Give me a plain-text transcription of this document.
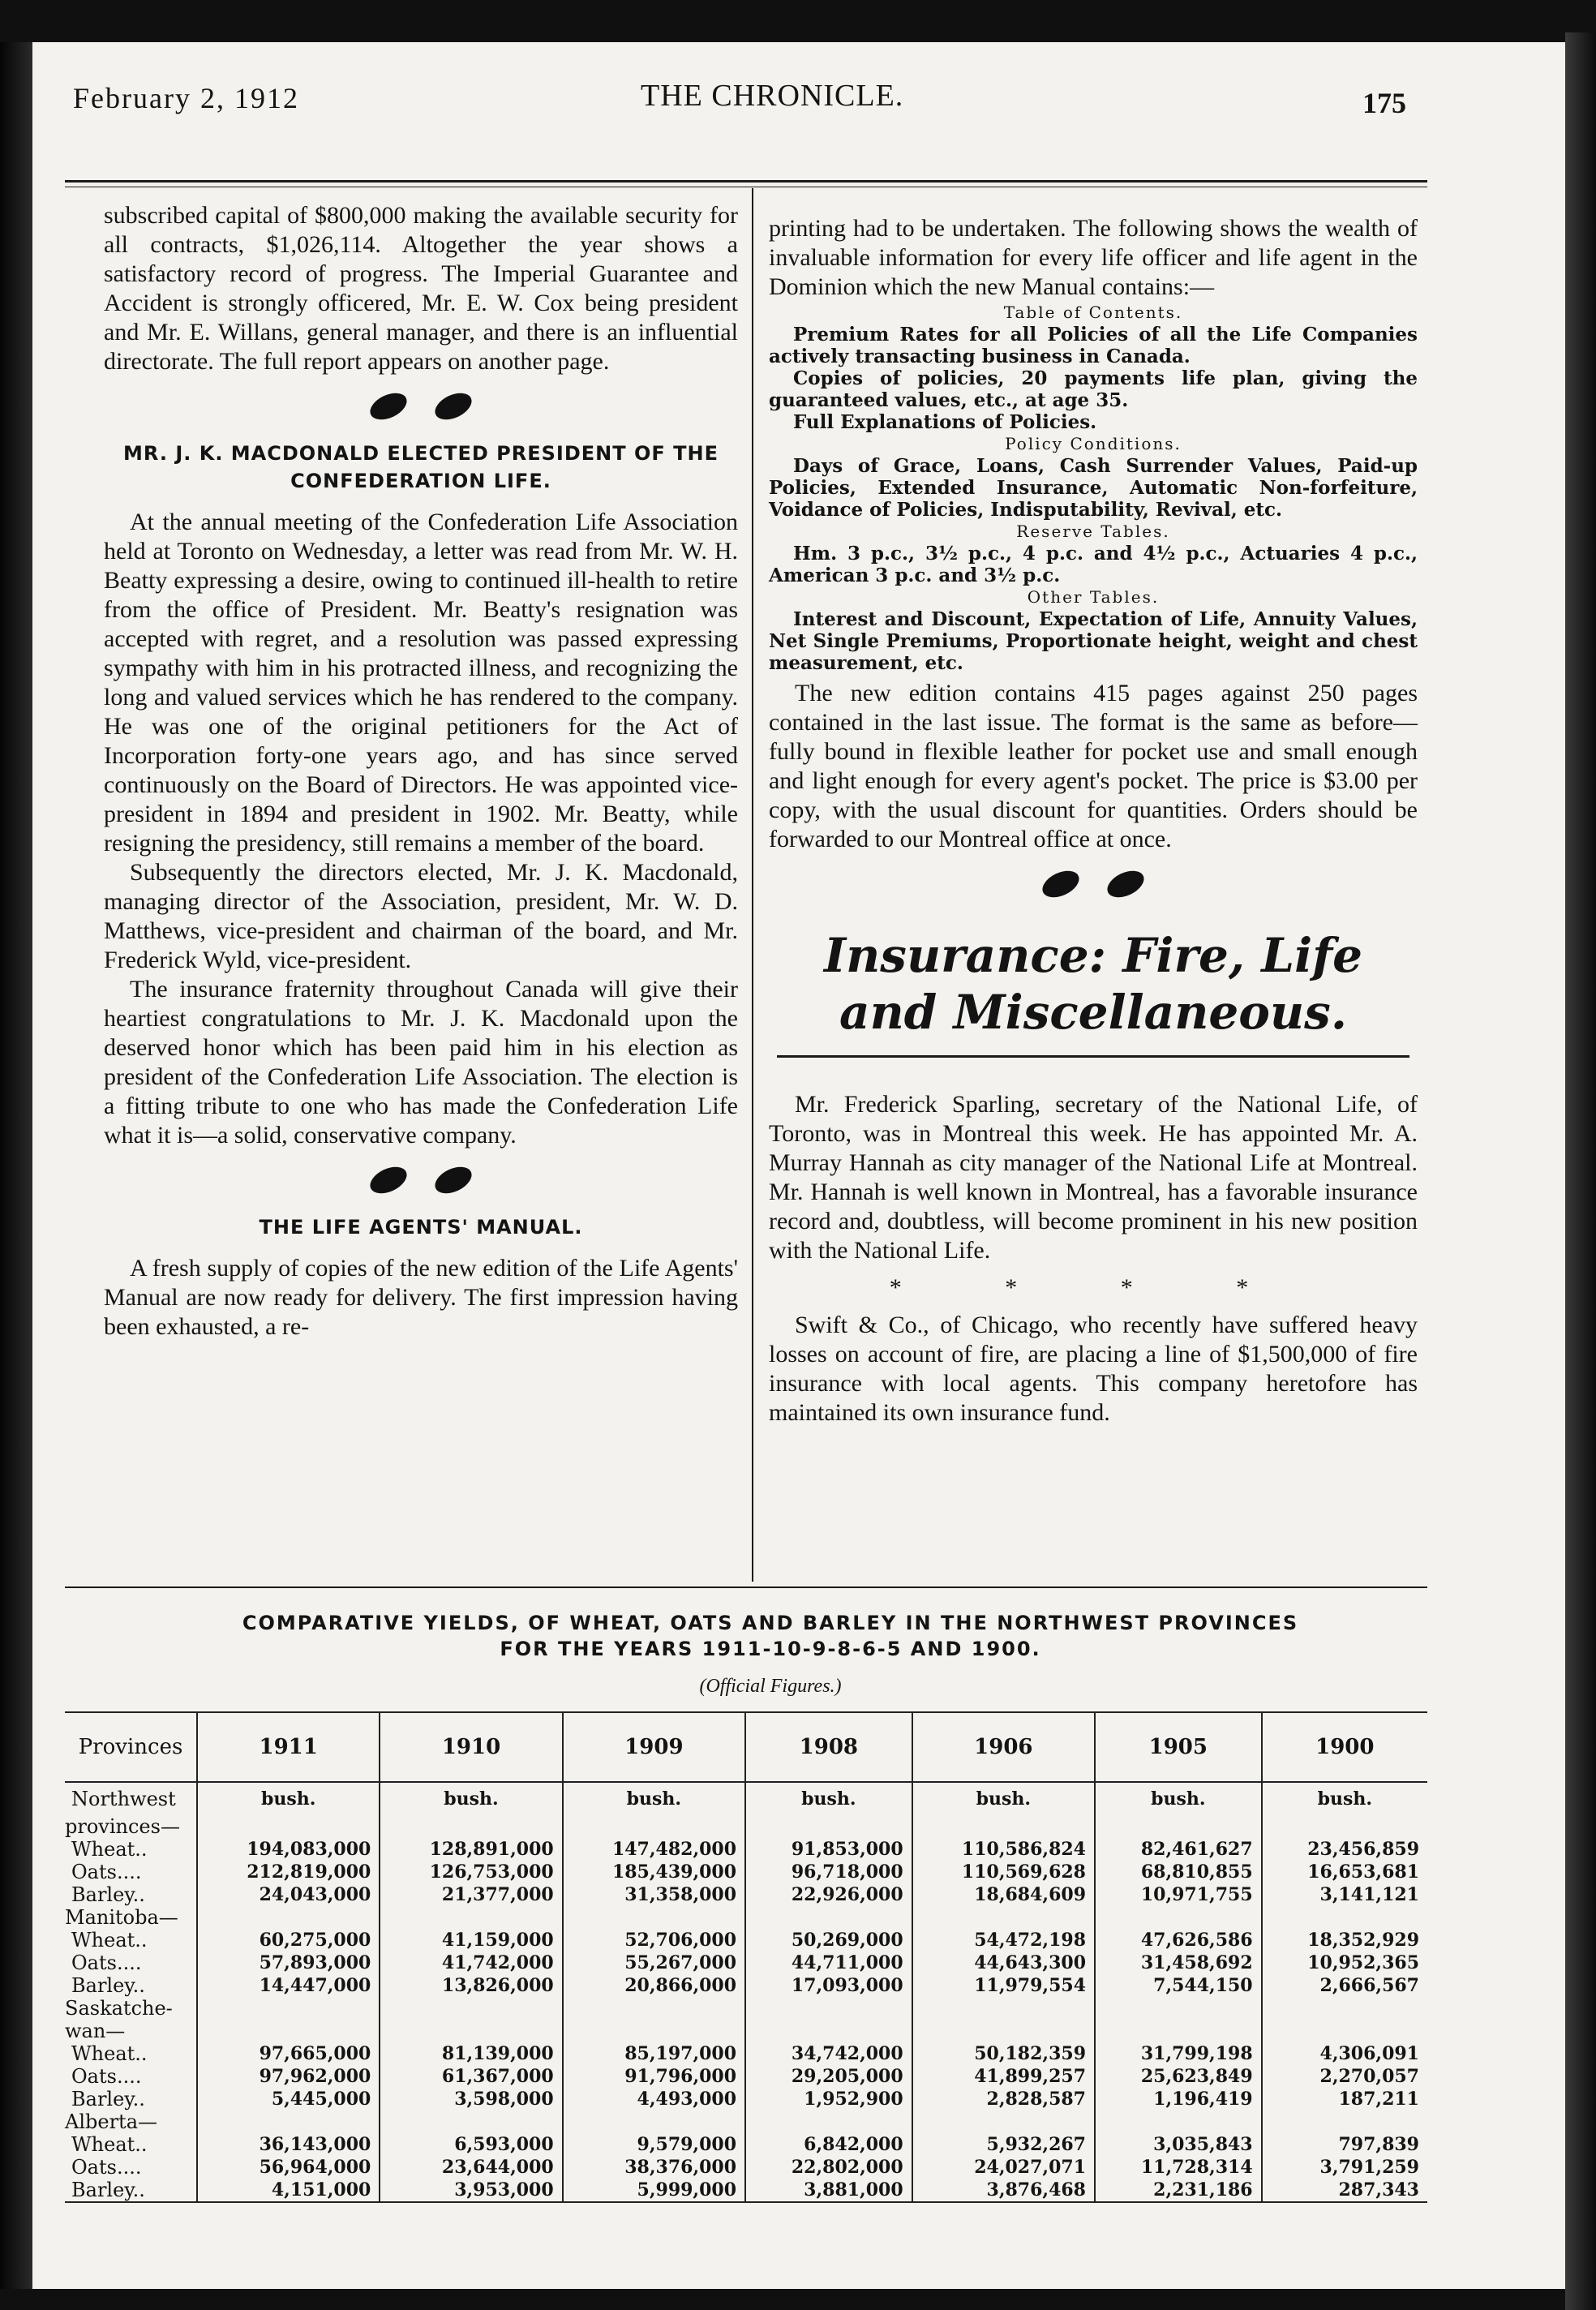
February 2, 1912	THE CHRONICLE.	175

subscribed capital of $800,000 making the available security for all contracts, $1,026,114. Altogether the year shows a satisfactory record of progress. The Imperial Guarantee and Accident is strongly officered, Mr. E. W. Cox being president and Mr. E. Willans, general manager, and there is an influential directorate. The full report appears on another page.

MR. J. K. MACDONALD ELECTED PRESIDENT OF THE CONFEDERATION LIFE.

At the annual meeting of the Confederation Life Association held at Toronto on Wednesday, a letter was read from Mr. W. H. Beatty expressing a desire, owing to continued ill-health to retire from the office of President. Mr. Beatty's resignation was accepted with regret, and a resolution was passed expressing sympathy with him in his protracted illness, and recognizing the long and valued services which he has rendered to the company. He was one of the original petitioners for the Act of Incorporation forty-one years ago, and has since served continuously on the Board of Directors. He was appointed vice-president in 1894 and president in 1902. Mr. Beatty, while resigning the presidency, still remains a member of the board.

Subsequently the directors elected, Mr. J. K. Macdonald, managing director of the Association, president, Mr. W. D. Matthews, vice-president and chairman of the board, and Mr. Frederick Wyld, vice-president.

The insurance fraternity throughout Canada will give their heartiest congratulations to Mr. J. K. Macdonald upon the deserved honor which has been paid him in his election as president of the Confederation Life Association. The election is a fitting tribute to one who has made the Confederation Life what it is—a solid, conservative company.

THE LIFE AGENTS' MANUAL.

A fresh supply of copies of the new edition of the Life Agents' Manual are now ready for delivery. The first impression having been exhausted, a re-

printing had to be undertaken. The following shows the wealth of invaluable information for every life officer and life agent in the Dominion which the new Manual contains:—

Table of Contents.
Premium Rates for all Policies of all the Life Companies actively transacting business in Canada.
Copies of policies, 20 payments life plan, giving the guaranteed values, etc., at age 35.
Full Explanations of Policies.
Policy Conditions.
Days of Grace, Loans, Cash Surrender Values, Paid-up Policies, Extended Insurance, Automatic Non-forfeiture, Voidance of Policies, Indisputability, Revival, etc.
Reserve Tables.
Hm. 3 p.c., 3½ p.c., 4 p.c. and 4½ p.c., Actuaries 4 p.c., American 3 p.c. and 3½ p.c.
Other Tables.
Interest and Discount, Expectation of Life, Annuity Values, Net Single Premiums, Proportionate height, weight and chest measurement, etc.

The new edition contains 415 pages against 250 pages contained in the last issue. The format is the same as before—fully bound in flexible leather for pocket use and small enough and light enough for every agent's pocket. The price is $3.00 per copy, with the usual discount for quantities. Orders should be forwarded to our Montreal office at once.

Insurance: Fire, Life and Miscellaneous.

Mr. Frederick Sparling, secretary of the National Life, of Toronto, was in Montreal this week. He has appointed Mr. A. Murray Hannah as city manager of the National Life at Montreal. Mr. Hannah is well known in Montreal, has a favorable insurance record and, doubtless, will become prominent in his new position with the National Life.

* * * *

Swift & Co., of Chicago, who recently have suffered heavy losses on account of fire, are placing a line of $1,500,000 of fire insurance with local agents. This company heretofore has maintained its own insurance fund.

COMPARATIVE YIELDS, OF WHEAT, OATS AND BARLEY IN THE NORTHWEST PROVINCES
FOR THE YEARS 1911-10-9-8-6-5 AND 1900.
(Official Figures.)
Provinces	1911	1910	1909	1908	1906	1905	1900
Northwest	bush.	bush.	bush.	bush.	bush.	bush.	bush.
provinces—							
Wheat..	194,083,000	128,891,000	147,482,000	91,853,000	110,586,824	82,461,627	23,456,859
Oats....	212,819,000	126,753,000	185,439,000	96,718,000	110,569,628	68,810,855	16,653,681
Barley..	24,043,000	21,377,000	31,358,000	22,926,000	18,684,609	10,971,755	3,141,121
Manitoba—							
Wheat..	60,275,000	41,159,000	52,706,000	50,269,000	54,472,198	47,626,586	18,352,929
Oats....	57,893,000	41,742,000	55,267,000	44,711,000	44,643,300	31,458,692	10,952,365
Barley..	14,447,000	13,826,000	20,866,000	17,093,000	11,979,554	7,544,150	2,666,567
Saskatche-							
wan—							
Wheat..	97,665,000	81,139,000	85,197,000	34,742,000	50,182,359	31,799,198	4,306,091
Oats....	97,962,000	61,367,000	91,796,000	29,205,000	41,899,257	25,623,849	2,270,057
Barley..	5,445,000	3,598,000	4,493,000	1,952,900	2,828,587	1,196,419	187,211
Alberta—							
Wheat..	36,143,000	6,593,000	9,579,000	6,842,000	5,932,267	3,035,843	797,839
Oats....	56,964,000	23,644,000	38,376,000	22,802,000	24,027,071	11,728,314	3,791,259
Barley..	4,151,000	3,953,000	5,999,000	3,881,000	3,876,468	2,231,186	287,343
